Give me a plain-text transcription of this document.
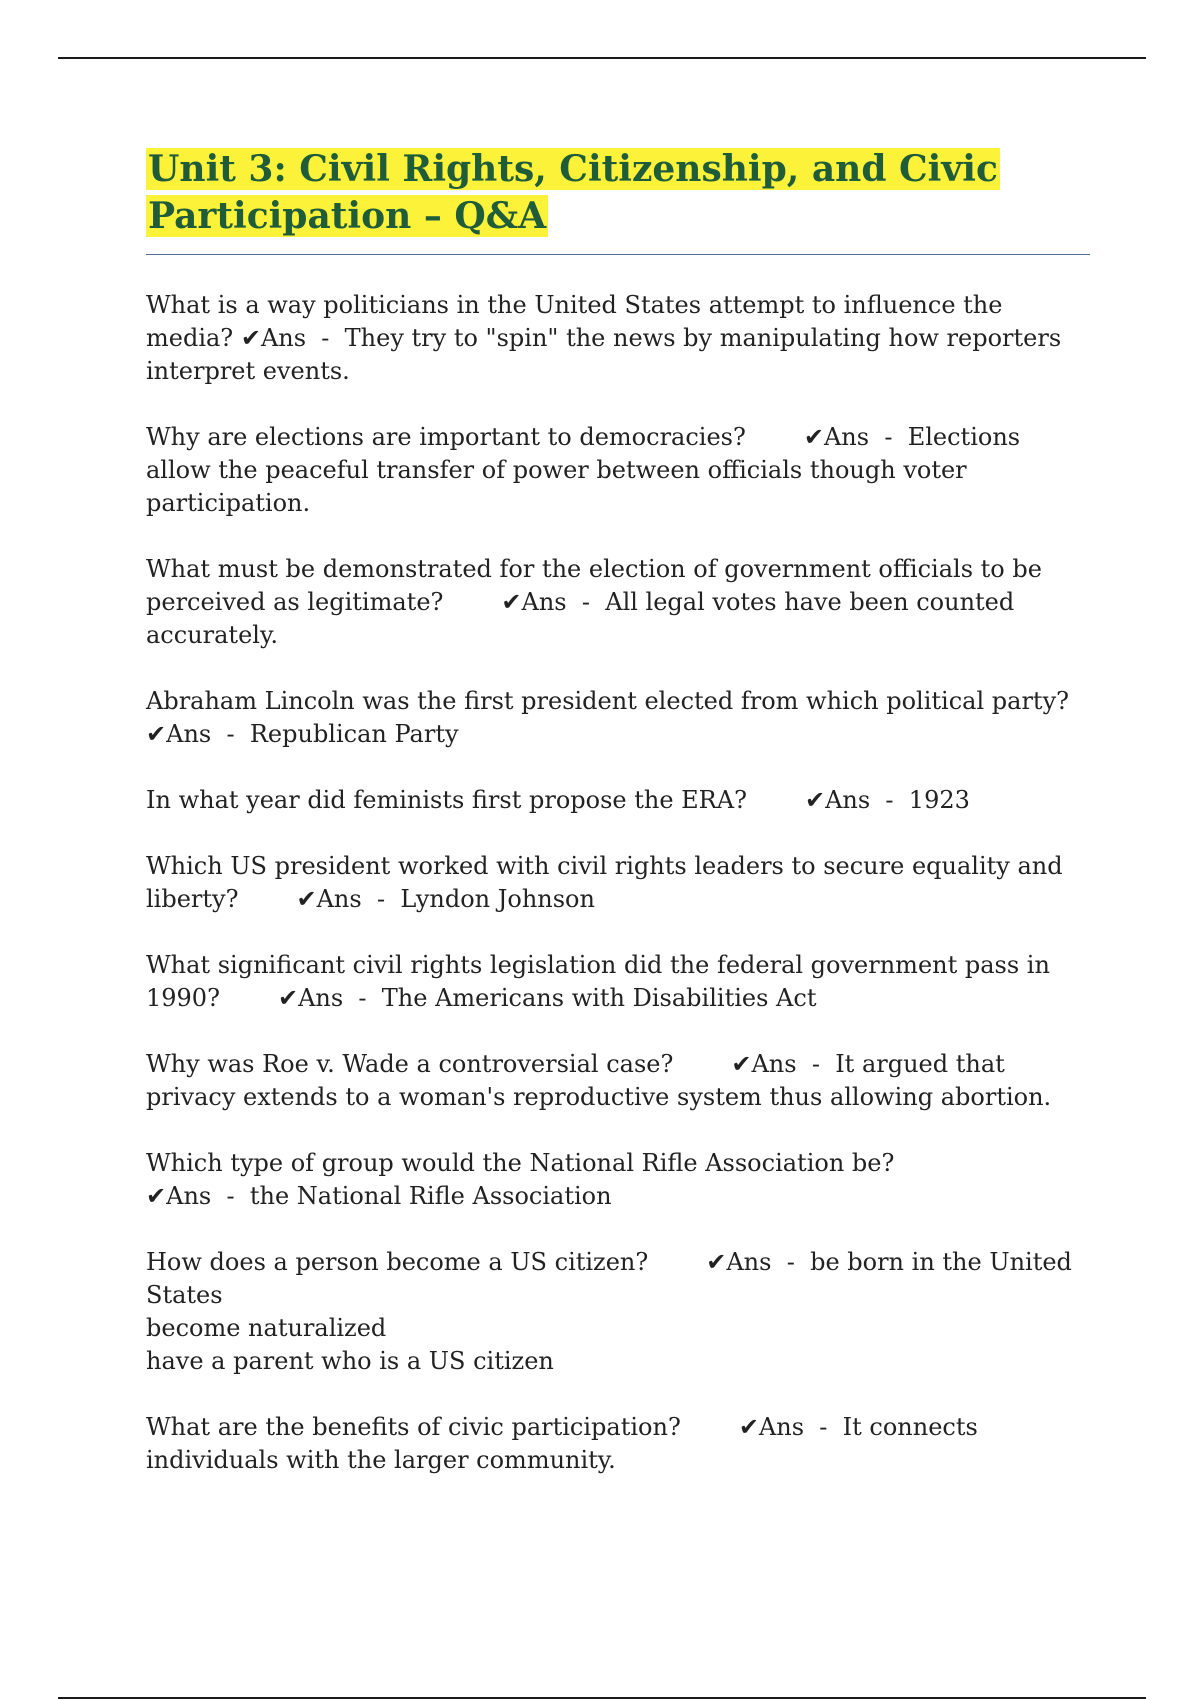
Unit 3: Civil Rights, Citizenship, and Civic
Participation – Q&A

What is a way politicians in the United States attempt to influence the media? ✔Ans  -  They try to "spin" the news by manipulating how reporters interpret events.

Why are elections are important to democracies? ✔Ans  -  Elections allow the peaceful transfer of power between officials though voter participation.

What must be demonstrated for the election of government officials to be perceived as legitimate? ✔Ans  -  All legal votes have been counted accurately.

Abraham Lincoln was the first president elected from which political party? ✔Ans  -  Republican Party

In what year did feminists first propose the ERA? ✔Ans  -  1923

Which US president worked with civil rights leaders to secure equality and liberty? ✔Ans  -  Lyndon Johnson

What significant civil rights legislation did the federal government pass in 1990? ✔Ans  -  The Americans with Disabilities Act

Why was Roe v. Wade a controversial case? ✔Ans  -  It argued that privacy extends to a woman's reproductive system thus allowing abortion.

Which type of group would the National Rifle Association be?✔Ans  -  the National Rifle Association

How does a person become a US citizen? ✔Ans  -  be born in the United States
become naturalized
have a parent who is a US citizen

What are the benefits of civic participation? ✔Ans  -  It connects individuals with the larger community.
